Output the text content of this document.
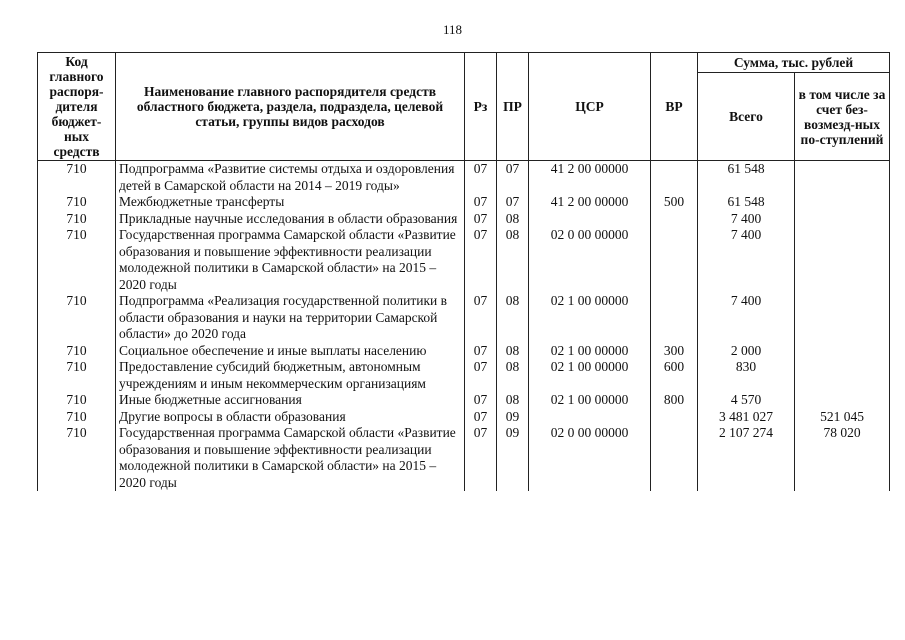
118
Код главного распоря-дителя бюджет-ных средств	Наименование главного распорядителя средств областного бюджета, раздела, подраздела, целевой статьи, группы видов расходов	Рз	ПР	ЦСР	ВР	Сумма, тыс. рублей	
						Всего	в том числе за счет без-возмезд-ных по-ступлений
710	Подпрограмма «Развитие системы отдыха и оздоровления детей в Самарской области на 2014 – 2019 годы»	07	07	41 2 00 00000		61 548	
710	Межбюджетные трансферты	07	07	41 2 00 00000	500	61 548	
710	Прикладные научные исследования в области образования	07	08			7 400	
710	Государственная программа Самарской области «Развитие образования и повышение эффективности реализации молодежной политики в Самарской области» на 2015 – 2020 годы	07	08	02 0 00 00000		7 400	
710	Подпрограмма «Реализация государственной политики в области образования и науки на территории Самарской области» до 2020 года	07	08	02 1 00 00000		7 400	
710	Социальное обеспечение и иные выплаты населению	07	08	02 1 00 00000	300	2 000	
710	Предоставление субсидий бюджетным, автономным учреждениям и иным некоммерческим организациям	07	08	02 1 00 00000	600	830	
710	Иные бюджетные ассигнования	07	08	02 1 00 00000	800	4 570	
710	Другие вопросы в области образования	07	09			3 481 027	521 045
710	Государственная программа Самарской области «Развитие образования и повышение эффективности реализации молодежной политики в Самарской области» на 2015 – 2020 годы	07	09	02 0 00 00000		2 107 274	78 020
